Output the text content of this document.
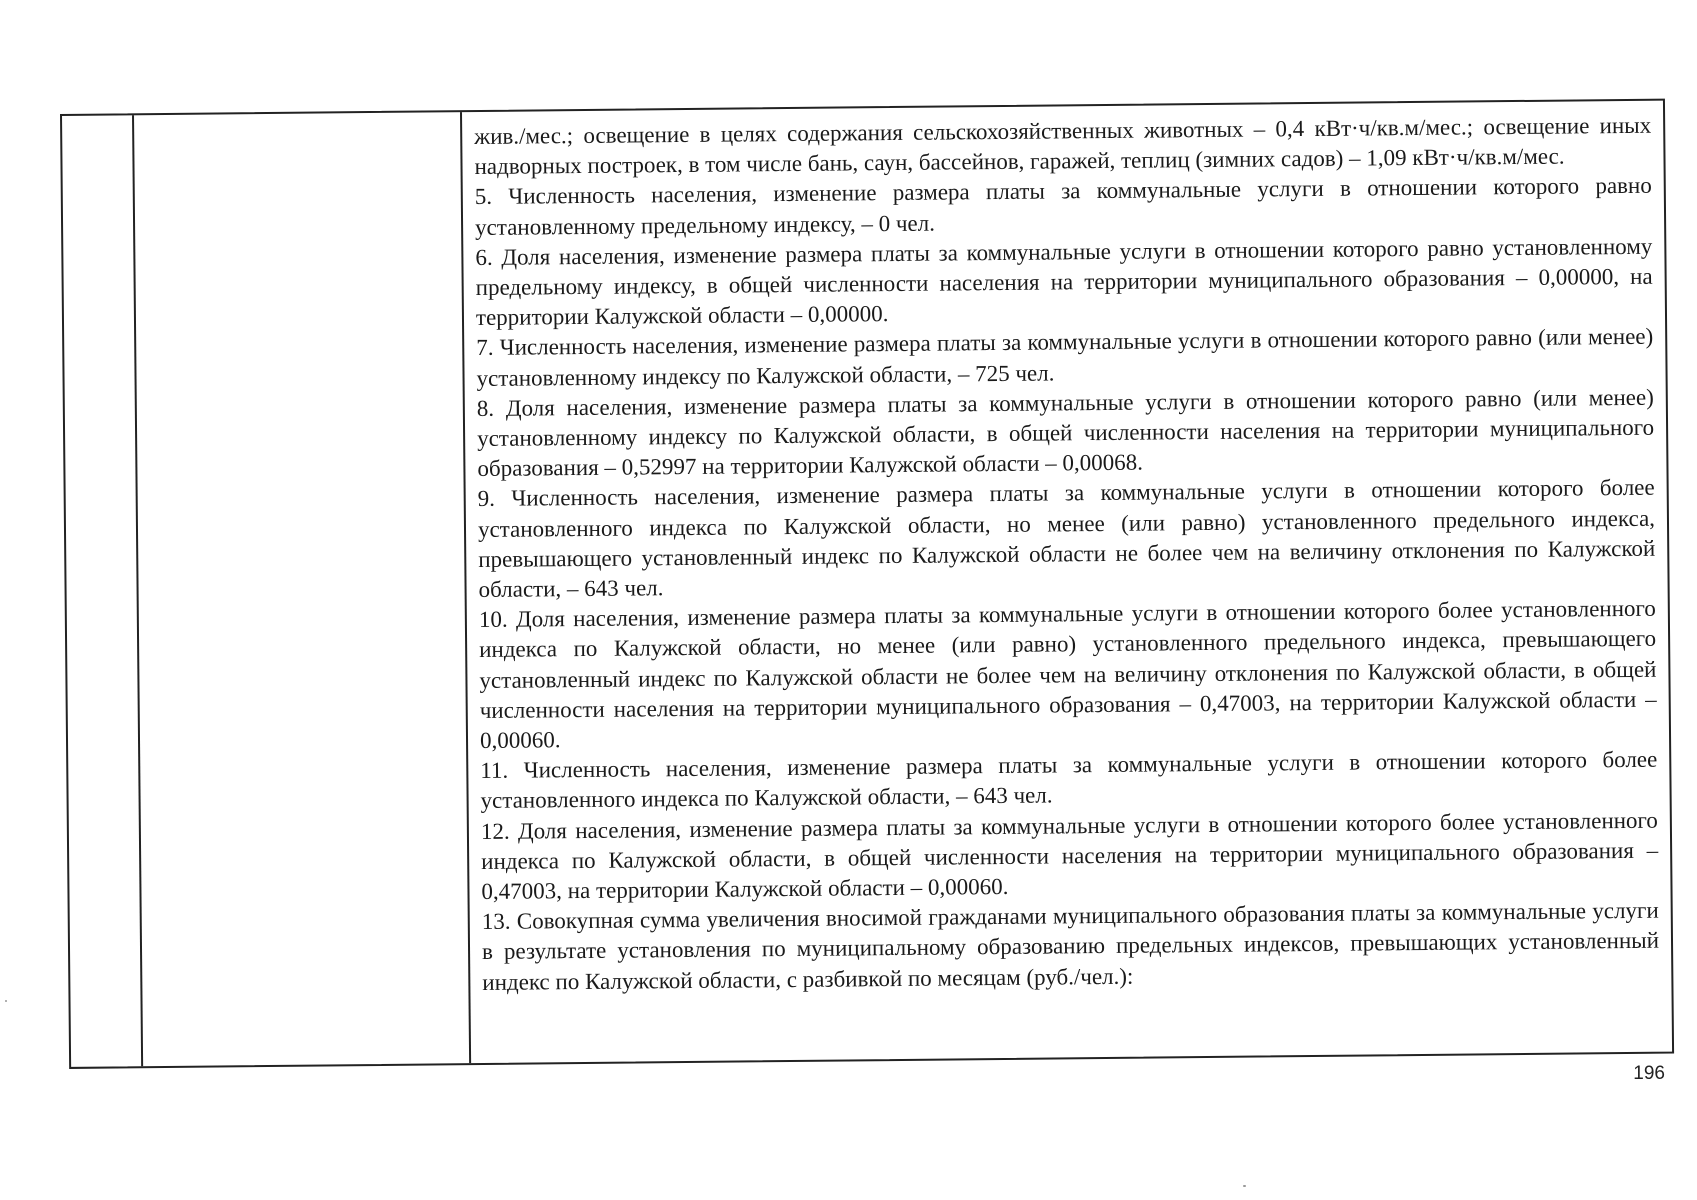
жив./мес.; освещение в целях содержания сельскохозяйственных животных – 0,4 кВт·ч/кв.м/мес.; освещение иных надворных построек, в том числе бань, саун, бассейнов, гаражей, теплиц (зимних садов) – 1,09 кВт·ч/кв.м/мес.

5. Численность населения, изменение размера платы за коммунальные услуги в отношении которого равно установленному предельному индексу, – 0 чел.

6. Доля населения, изменение размера платы за коммунальные услуги в отношении которого равно установленному предельному индексу, в общей численности населения на территории муниципального образования – 0,00000, на территории Калужской области – 0,00000.

7. Численность населения, изменение размера платы за коммунальные услуги в отношении которого равно (или менее) установленному индексу по Калужской области, – 725 чел.

8. Доля населения, изменение размера платы за коммунальные услуги в отношении которого равно (или менее) установленному индексу по Калужской области, в общей численности населения на территории муниципального образования – 0,52997 на территории Калужской области – 0,00068.

9. Численность населения, изменение размера платы за коммунальные услуги в отношении которого более установленного индекса по Калужской области, но менее (или равно) установленного предельного индекса, превышающего установленный индекс по Калужской области не более чем на величину отклонения по Калужской области, – 643 чел.

10. Доля населения, изменение размера платы за коммунальные услуги в отношении которого более установленного индекса по Калужской области, но менее (или равно) установленного предельного индекса, превышающего установленный индекс по Калужской области не более чем на величину отклонения по Калужской области, в общей численности населения на территории муниципального образования – 0,47003, на территории Калужской области – 0,00060.

11. Численность населения, изменение размера платы за коммунальные услуги в отношении которого более установленного индекса по Калужской области, – 643 чел.

12. Доля населения, изменение размера платы за коммунальные услуги в отношении которого более установленного индекса по Калужской области, в общей численности населения на территории муниципального образования – 0,47003, на территории Калужской области – 0,00060.

13. Совокупная сумма увеличения вносимой гражданами муниципального образования платы за коммунальные услуги в результате установления по муниципальному образованию предельных индексов, превышающих установленный индекс по Калужской области, с разбивкой по месяцам (руб./чел.):

196
